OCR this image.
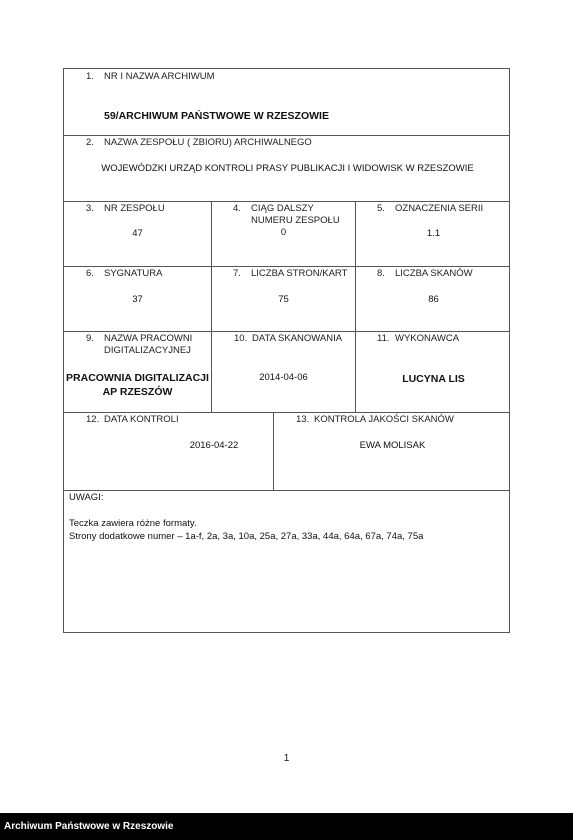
1. NR I NAZWA ARCHIWUM
59/ARCHIWUM PAŃSTWOWE W RZESZOWIE
2. NAZWA ZESPOŁU ( ZBIORU) ARCHIWALNEGO
WOJEWÓDZKI URZĄD KONTROLI PRASY PUBLIKACJI I WIDOWISK W RZESZOWIE
3. NR ZESPOŁU
47
4. CIĄG DALSZY
NUMERU ZESPOŁU
0
5. OZNACZENIA SERII
1.1
6. SYGNATURA
37
7. LICZBA STRON/KART
75
8. LICZBA SKANÓW
86
9. NAZWA PRACOWNI
DIGITALIZACYJNEJ
PRACOWNIA DIGITALIZACJI
AP RZESZÓW
10. DATA SKANOWANIA
2014-04-06
11. WYKONAWCA
LUCYNA LIS
12. DATA KONTROLI
2016-04-22
13. KONTROLA JAKOŚCI SKANÓW
EWA MOLISAK
UWAGI:
Teczka zawiera różne formaty.
Strony dodatkowe numer – 1a-f, 2a, 3a, 10a, 25a, 27a, 33a, 44a, 64a, 67a, 74a, 75a
1
Archiwum Państwowe w Rzeszowie
